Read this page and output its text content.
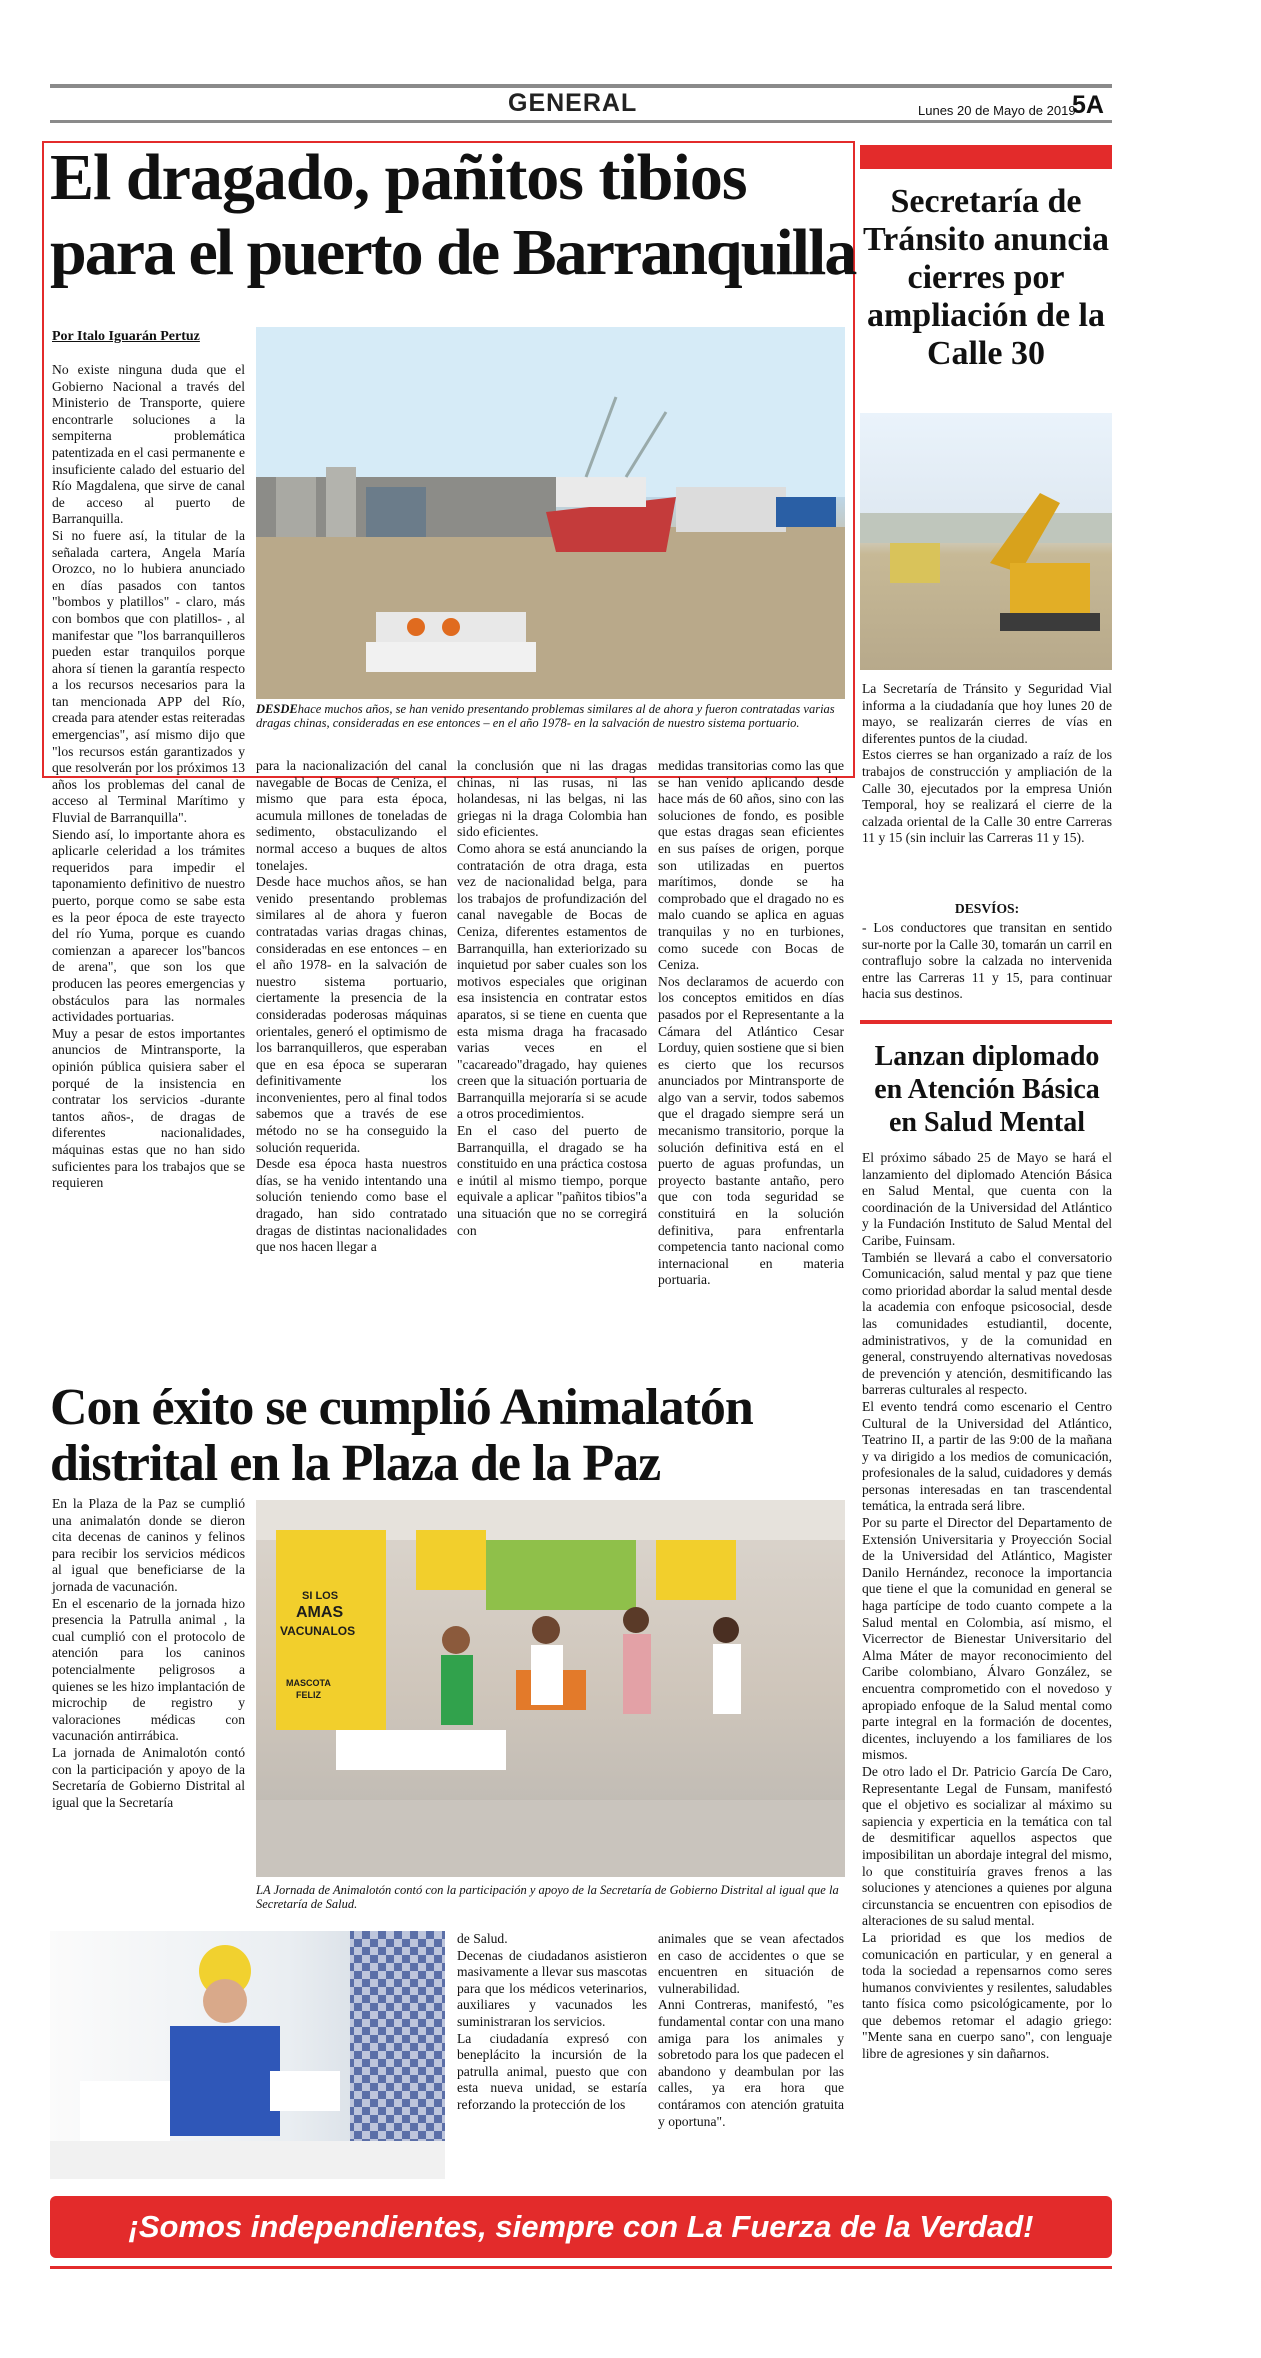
GENERAL	Lunes 20 de Mayo de 2019
5A
El dragado, pañitos tibios
para el puerto de Barranquilla
Por Italo Iguarán Pertuz

DESDEhace muchos años, se han venido presentando problemas similares al de ahora y fueron contratadas varias dragas chinas, consideradas en ese entonces – en el año 1978- en la salvación de nuestro sistema portuario.

No existe ninguna duda que el Gobierno Nacional a través del Ministerio de Transporte, quiere encontrarle soluciones a la sempiterna problemática patentizada en el casi permanente e insuficiente calado del estuario del Río Magdalena, que sirve de canal de acceso al puerto de Barranquilla.
Si no fuere así, la titular de la señalada cartera, Angela María Orozco, no lo hubiera anunciado en días pasados con tantos "bombos y platillos" - claro, más con bombos que con platillos- , al manifestar que "los barranquilleros pueden estar tranquilos porque ahora sí tienen la garantía respecto a los recursos necesarios para la tan mencionada APP del Río, creada para atender estas reiteradas emergencias", así mismo dijo que "los recursos están garantizados y que resolverán por los próximos 13 años los problemas del canal de acceso al Terminal Marítimo y Fluvial de Barranquilla".
Siendo así, lo importante ahora es aplicarle celeridad a los trámites requeridos para impedir el taponamiento definitivo de nuestro puerto, porque como se sabe esta es la peor época de este trayecto del río Yuma, porque es cuando comienzan a aparecer los"bancos de arena", que son los que producen las peores emergencias y obstáculos para las normales actividades portuarias.
Muy a pesar de estos importantes anuncios de Mintransporte, la opinión pública quisiera saber el porqué de la insistencia en contratar los servicios -durante tantos años-, de dragas de diferentes nacionalidades, máquinas estas que no han sido suficientes para los trabajos que se requieren

para la nacionalización del canal navegable de Bocas de Ceniza, el mismo que para esta época, acumula millones de toneladas de sedimento, obstaculizando el normal acceso a buques de altos tonelajes.
Desde hace muchos años, se han venido presentando problemas similares al de ahora y fueron contratadas varias dragas chinas, consideradas en ese entonces – en el año 1978- en la salvación de nuestro sistema portuario, ciertamente la presencia de la consideradas poderosas máquinas orientales, generó el optimismo de los barranquilleros, que esperaban que en esa época se superaran definitivamente los inconvenientes, pero al final todos sabemos que a través de ese método no se ha conseguido la solución requerida.
Desde esa época hasta nuestros días, se ha venido intentando una solución teniendo como base el dragado, han sido contratado dragas de distintas nacionalidades que nos hacen llegar a

la conclusión que ni las dragas chinas, ni las rusas, ni las holandesas, ni las belgas, ni las griegas ni la draga Colombia han sido eficientes.
Como ahora se está anunciando la contratación de otra draga, esta vez de nacionalidad belga, para los trabajos de profundización del canal navegable de Bocas de Ceniza, diferentes estamentos de Barranquilla, han exteriorizado su inquietud por saber cuales son los motivos especiales que originan esa insistencia en contratar estos aparatos, si se tiene en cuenta que esta misma draga ha fracasado varias veces en el "cacareado"dragado, hay quienes creen que la situación portuaria de Barranquilla mejoraría si se acude a otros procedimientos.
En el caso del puerto de Barranquilla, el dragado se ha constituido en una práctica costosa e inútil al mismo tiempo, porque equivale a aplicar "pañitos tibios"a una situación que no se corregirá con

medidas transitorias como las que se han venido aplicando desde hace más de 60 años, sino con las soluciones de fondo, es posible que estas dragas sean eficientes en sus países de origen, porque son utilizadas en puertos marítimos, donde se ha comprobado que el dragado no es malo cuando se aplica en aguas tranquilas y no en turbiones, como sucede con Bocas de Ceniza.
Nos declaramos de acuerdo con los conceptos emitidos en días pasados por el Representante a la Cámara del Atlántico Cesar Lorduy, quien sostiene que si bien es cierto que los recursos anunciados por Mintransporte de algo van a servir, todos sabemos que el dragado siempre será un mecanismo transitorio, porque la solución definitiva está en el puerto de aguas profundas, un proyecto bastante antaño, pero que con toda seguridad se constituirá en la solución definitiva, para enfrentarla competencia tanto nacional como internacional en materia portuaria.

Secretaría de Tránsito anuncia cierres por ampliación de la Calle 30

La Secretaría de Tránsito y Seguridad Vial informa a la ciudadanía que hoy lunes 20 de mayo, se realizarán cierres de vías en diferentes puntos de la ciudad.
Estos cierres se han organizado a raíz de los trabajos de construcción y ampliación de la Calle 30, ejecutados por la empresa Unión Temporal, hoy se realizará el cierre de la calzada oriental de la Calle 30 entre Carreras 11 y 15 (sin incluir las Carreras 11 y 15).

DESVÍOS:

- Los conductores que transitan en sentido sur-norte por la Calle 30, tomarán un carril en contraflujo sobre la calzada no intervenida entre las Carreras 11 y 15, para continuar hacia sus destinos.

Lanzan diplomado en Atención Básica en Salud Mental

El próximo sábado 25 de Mayo se hará el lanzamiento del diplomado Atención Básica en Salud Mental, que cuenta con la coordinación de la Universidad del Atlántico y la Fundación Instituto de Salud Mental del Caribe, Fuinsam.
También se llevará a cabo el conversatorio Comunicación, salud mental y paz que tiene como prioridad abordar la salud mental desde la academia con enfoque psicosocial, desde las comunidades estudiantil, docente, administrativos, y de la comunidad en general, construyendo alternativas novedosas de prevención y atención, desmitificando las barreras culturales al respecto.
El evento tendrá como escenario el Centro Cultural de la Universidad del Atlántico, Teatrino II, a partir de las 9:00 de la mañana y va dirigido a los medios de comunicación, profesionales de la salud, cuidadores y demás personas interesadas en tan trascendental temática, la entrada será libre.
Por su parte el Director del Departamento de Extensión Universitaria y Proyección Social de la Universidad del Atlántico, Magister Danilo Hernández, reconoce la importancia que tiene el que la comunidad en general se haga partícipe de todo cuanto compete a la Salud mental en Colombia, así mismo, el Vicerrector de Bienestar Universitario del Alma Máter de mayor reconocimiento del Caribe colombiano, Álvaro González, se encuentra comprometido con el novedoso y apropiado enfoque de la Salud mental como parte integral en la formación de docentes, dicentes, incluyendo a los familiares de los mismos.
De otro lado el Dr. Patricio García De Caro, Representante Legal de Funsam, manifestó que el objetivo es socializar al máximo su sapiencia y experticia en la temática con tal de desmitificar aquellos aspectos que imposibilitan un abordaje integral del mismo, lo que constituiría graves frenos a las soluciones y atenciones a quienes por alguna circunstancia se encuentren con episodios de alteraciones de su salud mental.
La prioridad es que los medios de comunicación en particular, y en general a toda la sociedad a repensarnos como seres humanos convivientes y resilentes, saludables tanto física como psicológicamente, por lo que debemos retomar el adagio griego: "Mente sana en cuerpo sano", con lenguaje libre de agresiones y sin dañarnos.

Con éxito se cumplió Animalatón
distrital en la Plaza de la Paz
SI LOS
AMAS
VACUNALOS
MASCOTA
FELIZ

LA Jornada de Animalotón contó con la participación y apoyo de la Secretaría de Gobierno Distrital al igual que la Secretaría de Salud.

En la Plaza de la Paz se cumplió una animalatón donde se dieron cita decenas de caninos y felinos para recibir los servicios médicos al igual que beneficiarse de la jornada de vacunación.
En el escenario de la jornada hizo presencia la Patrulla animal , la cual cumplió con el protocolo de atención para los caninos potencialmente peligrosos a quienes se les hizo implantación de microchip de registro y valoraciones médicas con vacunación antirrábica.
La jornada de Animalotón contó con la participación y apoyo de la Secretaría de Gobierno Distrital al igual que la Secretaría

de Salud.
Decenas de ciudadanos asistieron masivamente a llevar sus mascotas para que los médicos veterinarios, auxiliares y vacunados les suministraran los servicios.
La ciudadanía expresó con beneplácito la incursión de la patrulla animal, puesto que con esta nueva unidad, se estaría reforzando la protección de los

animales que se vean afectados en caso de accidentes o que se encuentren en situación de vulnerabilidad.
Anni Contreras, manifestó, "es fundamental contar con una mano amiga para los animales y sobretodo para los que padecen el abandono y deambulan por las calles, ya era hora que contáramos con atención gratuita y oportuna".

¡Somos independientes, siempre con La Fuerza de la Verdad!
